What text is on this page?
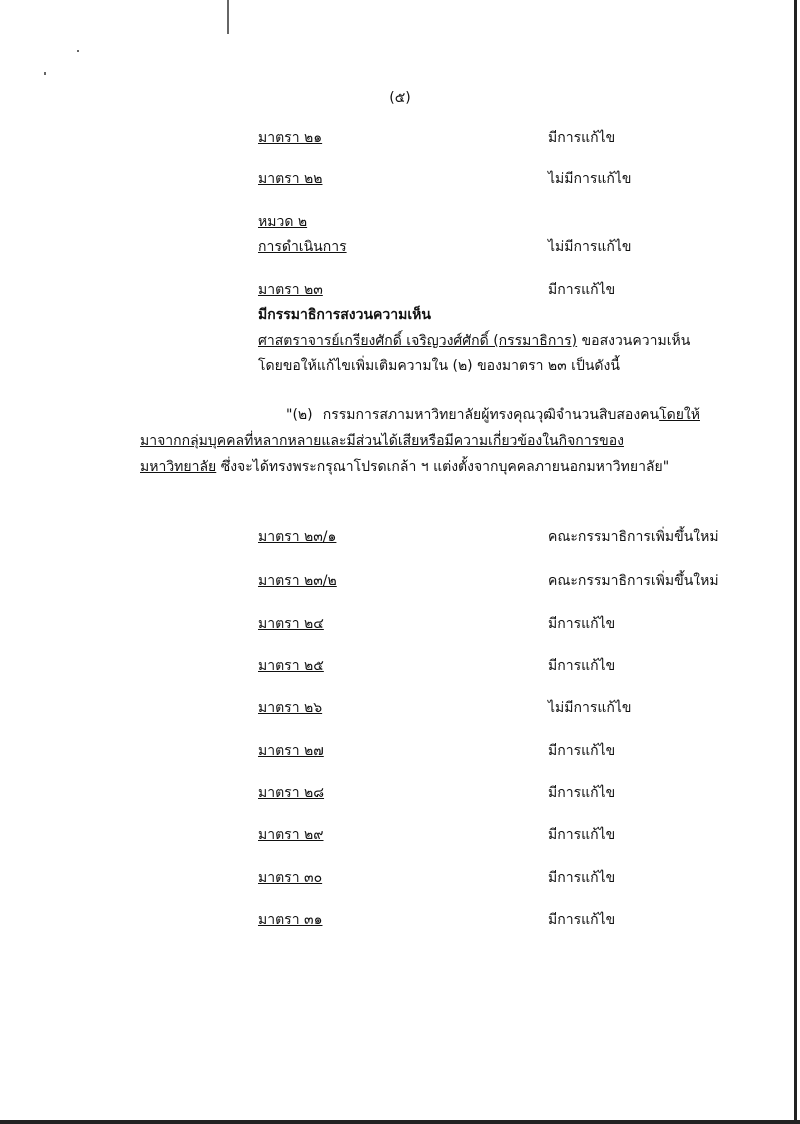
(๕)
มาตรา ๒๑	มีการแก้ไข
มาตรา ๒๒	ไม่มีการแก้ไข
หมวด ๒
การดำเนินการ	ไม่มีการแก้ไข
มาตรา ๒๓	มีการแก้ไข
มีกรรมาธิการสงวนความเห็น
ศาสตราจารย์เกรียงศักดิ์ เจริญวงศ์ศักดิ์ (กรรมาธิการ) ขอสงวนความเห็น
โดยขอให้แก้ไขเพิ่มเติมความใน (๒) ของมาตรา ๒๓ เป็นดังนี้
"(๒) กรรมการสภามหาวิทยาลัยผู้ทรงคุณวุฒิจำนวนสิบสองคนโดยให้มาจากกลุ่มบุคคลที่หลากหลายและมีส่วนได้เสียหรือมีความเกี่ยวข้องในกิจการของมหาวิทยาลัย ซึ่งจะได้ทรงพระกรุณาโปรดเกล้า ฯ แต่งตั้งจากบุคคลภายนอกมหาวิทยาลัย"
มาตรา ๒๓/๑	คณะกรรมาธิการเพิ่มขึ้นใหม่
มาตรา ๒๓/๒	คณะกรรมาธิการเพิ่มขึ้นใหม่
มาตรา ๒๔	มีการแก้ไข
มาตรา ๒๕	มีการแก้ไข
มาตรา ๒๖	ไม่มีการแก้ไข
มาตรา ๒๗	มีการแก้ไข
มาตรา ๒๘	มีการแก้ไข
มาตรา ๒๙	มีการแก้ไข
มาตรา ๓๐	มีการแก้ไข
มาตรา ๓๑	มีการแก้ไข
